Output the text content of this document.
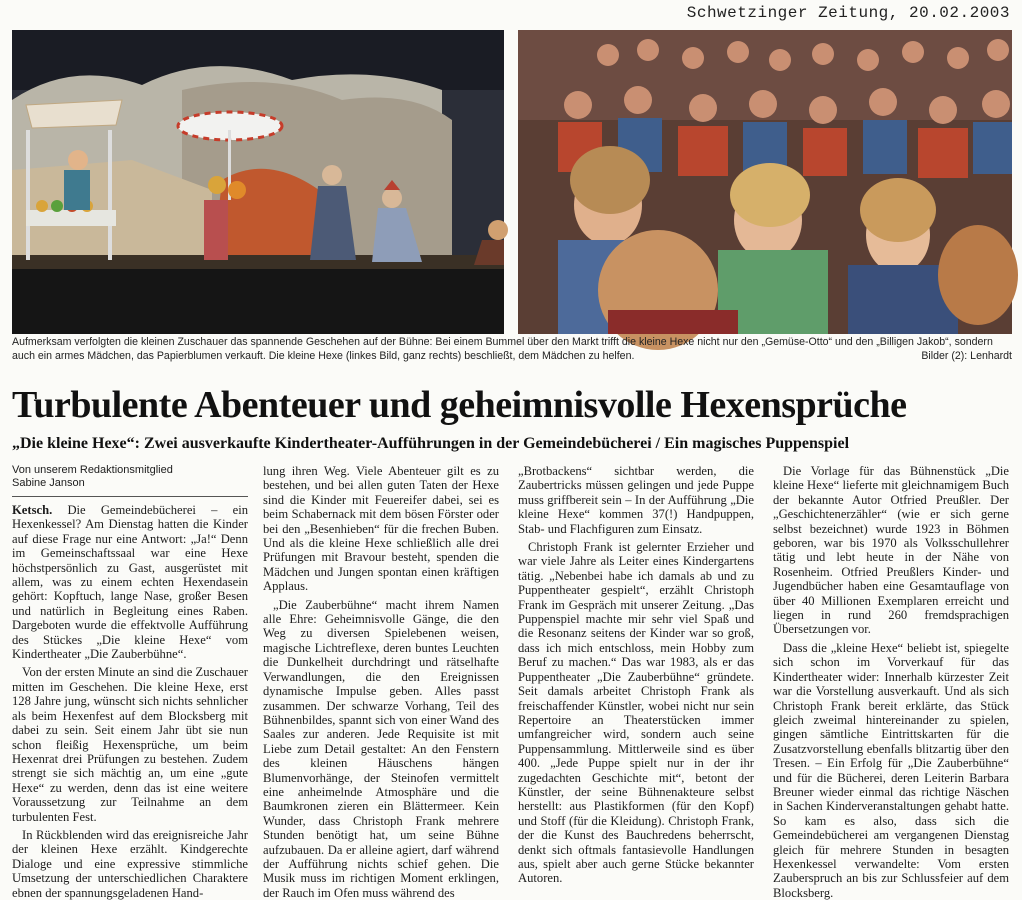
Schwetzinger Zeitung, 20.02.2003
Aufmerksam verfolgten die kleinen Zuschauer das spannende Geschehen auf der Bühne: Bei einem Bummel über den Markt trifft die kleine Hexe nicht nur den „Gemüse-Otto“ und den „Billigen Jakob“, sondern auch ein armes Mädchen, das Papierblumen verkauft. Die kleine Hexe (linkes Bild, ganz rechts) beschließt, dem Mädchen zu helfen.	Bilder (2): Lenhardt
Turbulente Abenteuer und geheimnisvolle Hexensprüche
„Die kleine Hexe“: Zwei ausverkaufte Kindertheater-Aufführungen in der Gemeindebücherei / Ein magisches Puppenspiel
Von unserem Redaktionsmitglied
Sabine Janson

Ketsch. Die Gemeindebücherei – ein Hexenkessel? Am Dienstag hatten die Kinder auf diese Frage nur eine Antwort: „Ja!“ Denn im Gemeinschaftssaal war eine Hexe höchstpersönlich zu Gast, ausgerüstet mit allem, was zu einem echten Hexendasein gehört: Kopftuch, lange Nase, großer Besen und natürlich in Begleitung eines Raben. Dargeboten wurde die effektvolle Aufführung des Stückes „Die kleine Hexe“ vom Kindertheater „Die Zauberbühne“.

Von der ersten Minute an sind die Zuschauer mitten im Geschehen. Die kleine Hexe, erst 128 Jahre jung, wünscht sich nichts sehnlicher als beim Hexenfest auf dem Blocksberg mit dabei zu sein. Seit einem Jahr übt sie nun schon fleißig Hexensprüche, um beim Hexenrat drei Prüfungen zu bestehen. Zudem strengt sie sich mächtig an, um eine „gute Hexe“ zu werden, denn das ist eine weitere Voraussetzung zur Teilnahme an dem turbulenten Fest.

In Rückblenden wird das ereignisreiche Jahr der kleinen Hexe erzählt. Kindgerechte Dialoge und eine expressive stimmliche Umsetzung der unterschiedlichen Charaktere ebnen der spannungsgeladenen Hand-

lung ihren Weg. Viele Abenteuer gilt es zu bestehen, und bei allen guten Taten der Hexe sind die Kinder mit Feuereifer dabei, sei es beim Schabernack mit dem bösen Förster oder bei den „Besenhieben“ für die frechen Buben. Und als die kleine Hexe schließlich alle drei Prüfungen mit Bravour besteht, spenden die Mädchen und Jungen spontan einen kräftigen Applaus.

„Die Zauberbühne“ macht ihrem Namen alle Ehre: Geheimnisvolle Gänge, die den Weg zu diversen Spielebenen weisen, magische Lichtreflexe, deren buntes Leuchten die Dunkelheit durchdringt und rätselhafte Verwandlungen, die den Ereignissen dynamische Impulse geben. Alles passt zusammen. Der schwarze Vorhang, Teil des Bühnenbildes, spannt sich von einer Wand des Saales zur anderen. Jede Requisite ist mit Liebe zum Detail gestaltet: An den Fenstern des kleinen Häuschens hängen Blumenvorhänge, der Steinofen vermittelt eine anheimelnde Atmosphäre und die Baumkronen zieren ein Blättermeer. Kein Wunder, dass Christoph Frank mehrere Stunden benötigt hat, um seine Bühne aufzubauen. Da er alleine agiert, darf während der Aufführung nichts schief gehen. Die Musik muss im richtigen Moment erklingen, der Rauch im Ofen muss während des

„Brotbackens“ sichtbar werden, die Zaubertricks müssen gelingen und jede Puppe muss griffbereit sein – In der Aufführung „Die kleine Hexe“ kommen 37(!) Handpuppen, Stab- und Flachfiguren zum Einsatz.

Christoph Frank ist gelernter Erzieher und war viele Jahre als Leiter eines Kindergartens tätig. „Nebenbei habe ich damals ab und zu Puppentheater gespielt“, erzählt Christoph Frank im Gespräch mit unserer Zeitung. „Das Puppenspiel machte mir sehr viel Spaß und die Resonanz seitens der Kinder war so groß, dass ich mich entschloss, mein Hobby zum Beruf zu machen.“ Das war 1983, als er das Puppentheater „Die Zauberbühne“ gründete. Seit damals arbeitet Christoph Frank als freischaffender Künstler, wobei nicht nur sein Repertoire an Theaterstücken immer umfangreicher wird, sondern auch seine Puppensammlung. Mittlerweile sind es über 400. „Jede Puppe spielt nur in der ihr zugedachten Geschichte mit“, betont der Künstler, der seine Bühnenakteure selbst herstellt: aus Plastikformen (für den Kopf) und Stoff (für die Kleidung). Christoph Frank, der die Kunst des Bauchredens beherrscht, denkt sich oftmals fantasievolle Handlungen aus, spielt aber auch gerne Stücke bekannter Autoren.

Die Vorlage für das Bühnenstück „Die kleine Hexe“ lieferte mit gleichnamigem Buch der bekannte Autor Otfried Preußler. Der „Geschichtenerzähler“ (wie er sich gerne selbst bezeichnet) wurde 1923 in Böhmen geboren, war bis 1970 als Volksschullehrer tätig und lebt heute in der Nähe von Rosenheim. Otfried Preußlers Kinder- und Jugendbücher haben eine Gesamtauflage von über 40 Millionen Exemplaren erreicht und liegen in rund 260 fremdsprachigen Übersetzungen vor.

Dass die „kleine Hexe“ beliebt ist, spiegelte sich schon im Vorverkauf für das Kindertheater wider: Innerhalb kürzester Zeit war die Vorstellung ausverkauft. Und als sich Christoph Frank bereit erklärte, das Stück gleich zweimal hintereinander zu spielen, gingen sämtliche Eintrittskarten für die Zusatzvorstellung ebenfalls blitzartig über den Tresen. – Ein Erfolg für „Die Zauberbühne“ und für die Bücherei, deren Leiterin Barbara Breuner wieder einmal das richtige Näschen in Sachen Kinderveranstaltungen gehabt hatte. So kam es also, dass sich die Gemeindebücherei am vergangenen Dienstag gleich für mehrere Stunden in besagten Hexenkessel verwandelte: Vom ersten Zauberspruch an bis zur Schlussfeier auf dem Blocksberg.
